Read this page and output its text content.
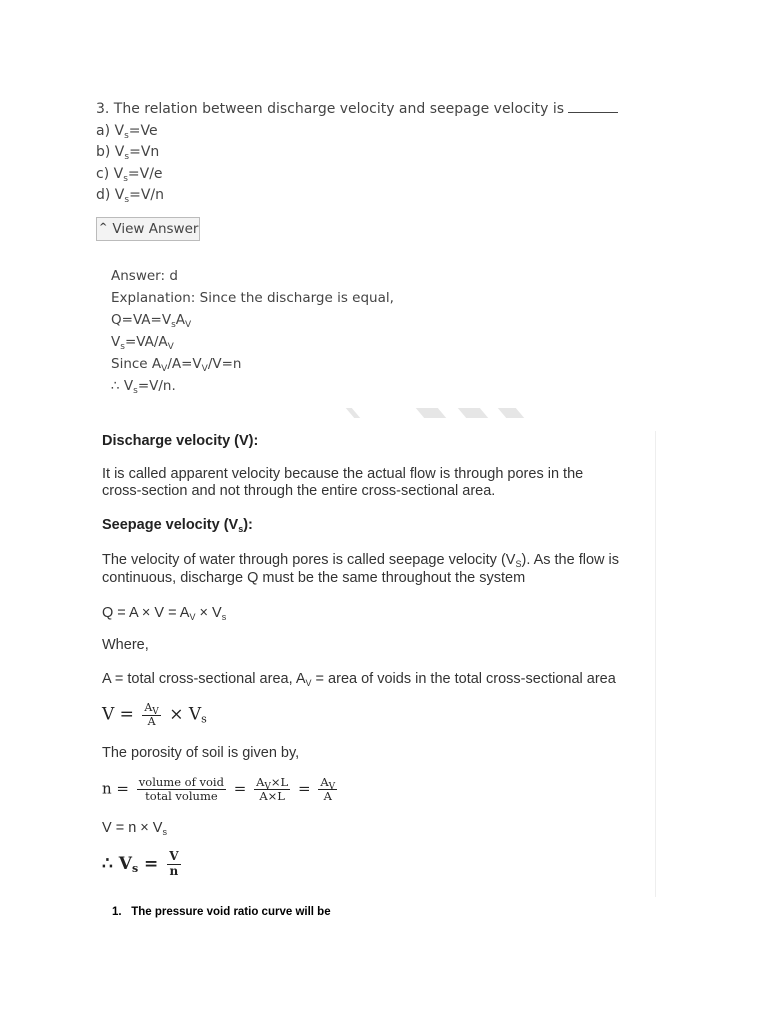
3. The relation between discharge velocity and seepage velocity is

a) $V_s=Ve$

b) $V_s=Vn$

c) $V_s=V/e$

d) $V_s=V/n$

^ View Answer

Answer: d

Explanation: Since the discharge is equal,

$Q=VA=V_sA_V$

$V_s=VA/A_V$

Since $A_V/A=V_V/V=n$

∴ $V_s=V/n$.

Discharge velocity (V):
It is called apparent velocity because the actual flow is through pores in the
cross-section and not through the entire cross-sectional area.
Seepage velocity $(V_s)$:
The velocity of water through pores is called seepage velocity $(V_S)$. As the flow is
continuous, discharge Q must be the same throughout the system
$Q = A \times V = A_V \times V_s$
Where,
A = total cross-sectional area, $A_V$ = area of voids in the total cross-sectional area
$V = \frac{A_V}{A} \times V_s$
The porosity of soil is given by,
$n = \frac{\text{volume of void}}{\text{total volume}} = \frac{A_V\times L}{A\times L} = \frac{A_V}{A}$
$V = n \times V_s$
∴ $V_s = \frac{V}{n}$
1. The pressure void ratio curve will be
